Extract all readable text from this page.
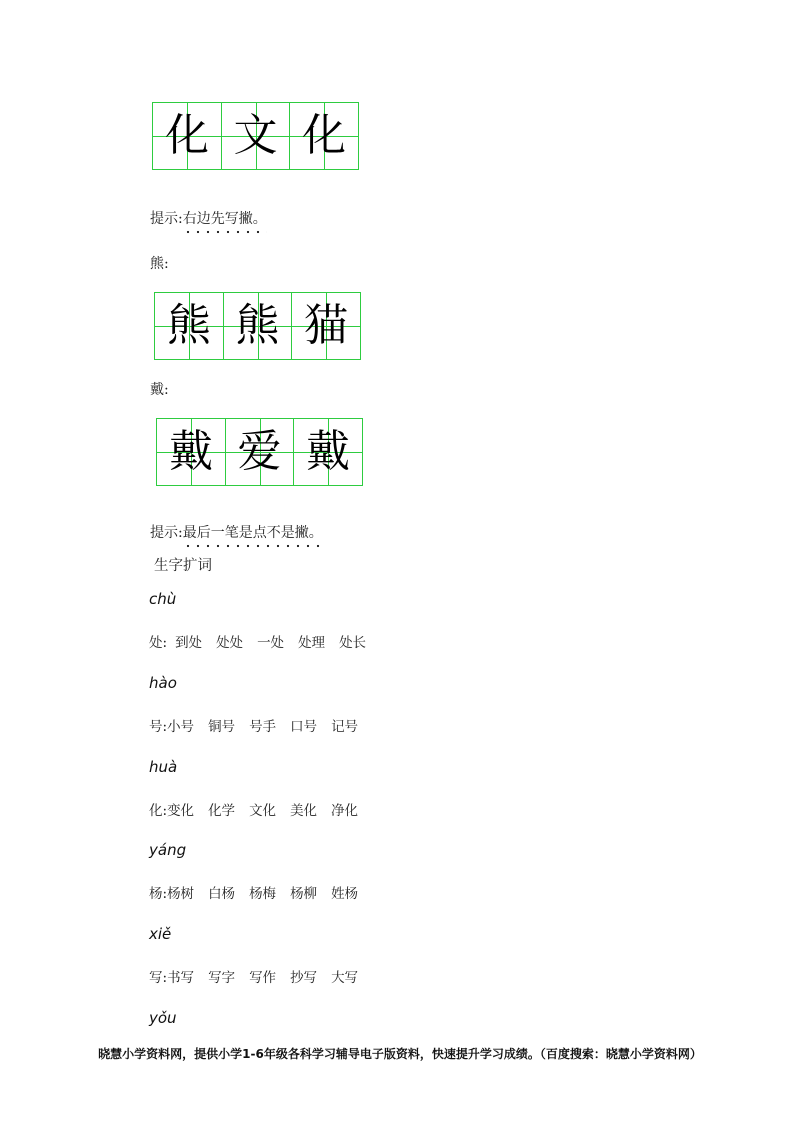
化 文 化
提示:右边先写撇。
熊:
熊 熊 猫
戴:
戴 爱 戴
提示:最后一笔是点不是撇。
生字扩词
chù
处: 到处 处处 一处 处理 处长
hào
号:小号 铜号 号手 口号 记号
huà
化:变化 化学 文化 美化 净化
yáng
杨:杨树 白杨 杨梅 杨柳 姓杨
xiě
写:书写 写字 写作 抄写 大写
yǒu
晓慧小学资料网，提供小学1-6年级各科学习辅导电子版资料，快速提升学习成绩。（百度搜索：晓慧小学资料网）
